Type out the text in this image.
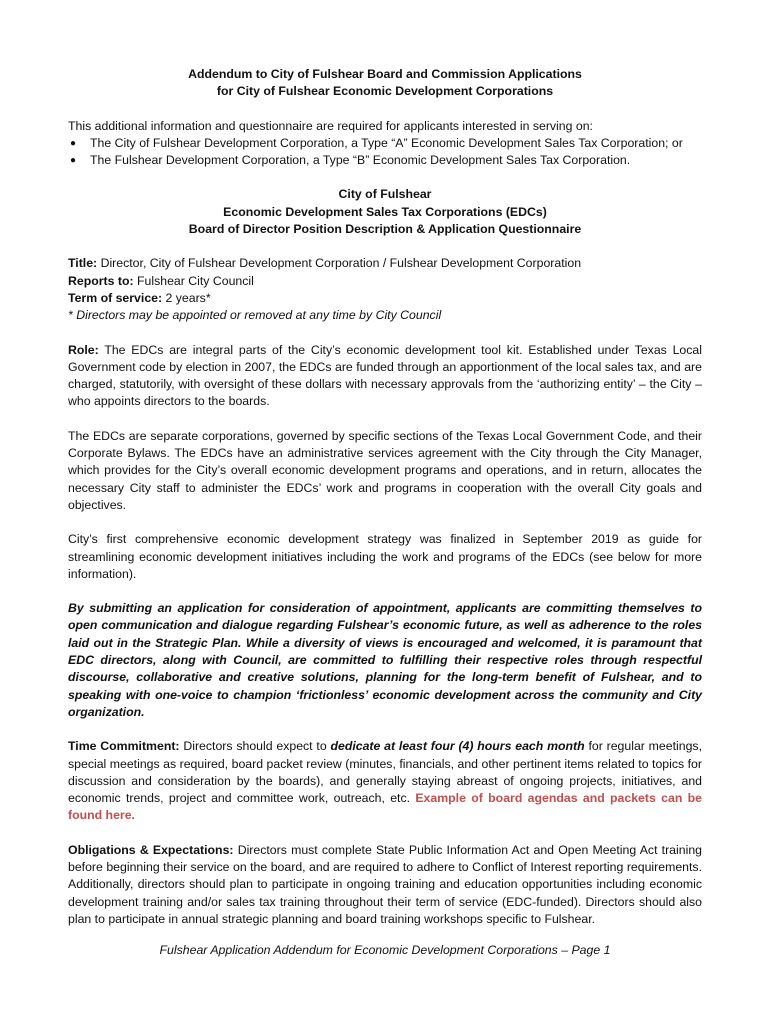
Addendum to City of Fulshear Board and Commission Applications

for City of Fulshear Economic Development Corporations

This additional information and questionnaire are required for applicants interested in serving on:

● The City of Fulshear Development Corporation, a Type “A” Economic Development Sales Tax Corporation; or
● The Fulshear Development Corporation, a Type “B” Economic Development Sales Tax Corporation.

City of Fulshear

Economic Development Sales Tax Corporations (EDCs)

Board of Director Position Description & Application Questionnaire

Title: Director, City of Fulshear Development Corporation / Fulshear Development Corporation

Reports to: Fulshear City Council

Term of service: 2 years*

* Directors may be appointed or removed at any time by City Council

Role: The EDCs are integral parts of the City’s economic development tool kit. Established under Texas Local Government code by election in 2007, the EDCs are funded through an apportionment of the local sales tax, and are charged, statutorily, with oversight of these dollars with necessary approvals from the ‘authorizing entity’ – the City – who appoints directors to the boards.

The EDCs are separate corporations, governed by specific sections of the Texas Local Government Code, and their Corporate Bylaws. The EDCs have an administrative services agreement with the City through the City Manager, which provides for the City’s overall economic development programs and operations, and in return, allocates the necessary City staff to administer the EDCs’ work and programs in cooperation with the overall City goals and objectives.

City’s first comprehensive economic development strategy was finalized in September 2019 as guide for streamlining economic development initiatives including the work and programs of the EDCs (see below for more information).

By submitting an application for consideration of appointment, applicants are committing themselves to open communication and dialogue regarding Fulshear’s economic future, as well as adherence to the roles laid out in the Strategic Plan. While a diversity of views is encouraged and welcomed, it is paramount that EDC directors, along with Council, are committed to fulfilling their respective roles through respectful discourse, collaborative and creative solutions, planning for the long-term benefit of Fulshear, and to speaking with one-voice to champion ‘frictionless’ economic development across the community and City organization.

Time Commitment: Directors should expect to dedicate at least four (4) hours each month for regular meetings, special meetings as required, board packet review (minutes, financials, and other pertinent items related to topics for discussion and consideration by the boards), and generally staying abreast of ongoing projects, initiatives, and economic trends, project and committee work, outreach, etc. Example of board agendas and packets can be found here.

Obligations & Expectations: Directors must complete State Public Information Act and Open Meeting Act training before beginning their service on the board, and are required to adhere to Conflict of Interest reporting requirements. Additionally, directors should plan to participate in ongoing training and education opportunities including economic development training and/or sales tax training throughout their term of service (EDC-funded). Directors should also plan to participate in annual strategic planning and board training workshops specific to Fulshear.

Fulshear Application Addendum for Economic Development Corporations – Page 1
